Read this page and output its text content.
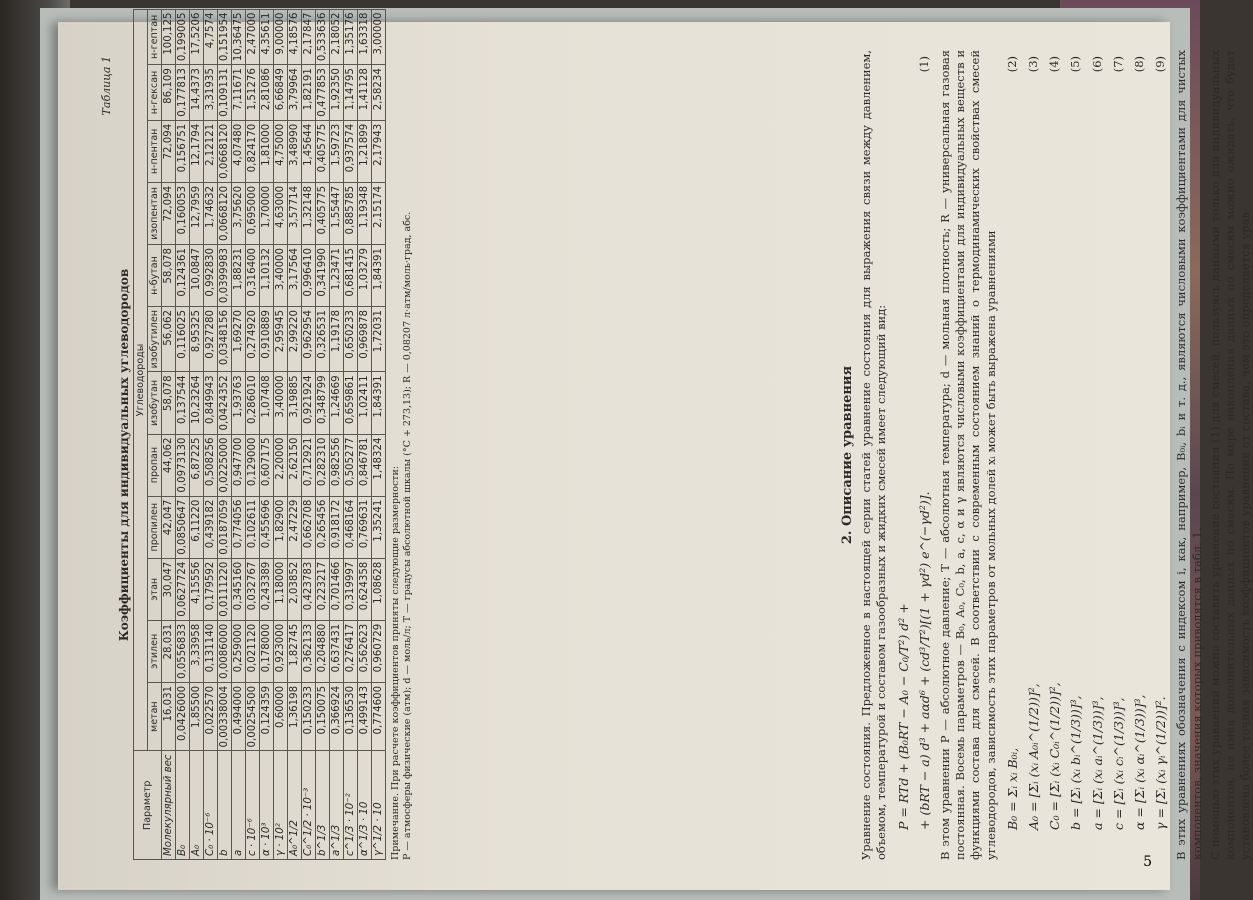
2. Описание уравнения Уравнение состояния. Предложенное в настоящей серии статей уравнение состояния для выражения связи между давлением, объемом, температурой и составом газообразных и жидких смесей имеет следующий вид: P = RTd + (B₀RT − A₀ − C₀/T²) d² + + (bRT − a) d³ + aαd⁶ + (cd³/T²)[(1 + γd²) e^(−γd²)].
(1) В этом уравнении P — абсолютное давление; T — абсолютная температура; d — мольная плотность; R — универсальная газовая постоянная. Восемь параметров — B₀, A₀, C₀, b, a, c, α и γ являются числовыми коэффициентами для индивидуальных веществ и функциями состава для смесей. В соответствии с современным состоянием знаний о термодинамических свойствах смесей углеводородов, зависимость этих параметров от мольных долей xᵢ может быть выражена уравнениями B₀ = Σᵢ xᵢ B₀ᵢ,
(2)
A₀ = [Σᵢ (xᵢ A₀ᵢ^(1/2))]²,
(3)
C₀ = [Σᵢ (xᵢ C₀ᵢ^(1/2))]²,
(4)
b = [Σᵢ (xᵢ bᵢ^(1/3))]³,
(5)
a = [Σᵢ (xᵢ aᵢ^(1/3))]³,
(6)
c = [Σᵢ (xᵢ cᵢ^(1/3))]³,
(7)
α = [Σᵢ (xᵢ αᵢ^(1/3))]³,
(8)
γ = [Σᵢ (xᵢ γᵢ^(1/2))]².
(9) В этих уравнениях обозначения с индексом i, как, например, B₀ᵢ, bᵢ и т. д., являются числовыми коэффициентами для чистых компонентов, значения которых приводятся в табл. 1. С помощью этих уравнений можно составить уравнение состояния (1) для смесей, пользуясь данными только для индивидуальных компонентов, не имея дополнительных данных по смесям. По мере накопления данных по смесям можно ожидать, что будет установлена более точная зависимость коэффициентов уравнения от состава, чем это определяется урав-

Таблица 1
Коэффициенты для индивидуальных углеводородов
Параметр	Углеводороды											
	метан	этилен	этан	пропилен	пропан	изобутан	изобутилен	н-бутан	изопентан	н-пентан	н-гексан	н-гептан
Молекулярный вес	16,031	28,031	30,047	42,047	44,062	58,078	56,062	58,078	72,094	72,094	86,109	100,125
B₀	0,0426000	0,0556833	0,0627724	0,0850647	0,0973130	0,137544	0,116025	0,124361	0,160053	0,156751	0,177813	0,199005
A₀	1,85500	3,33958	4,15556	6,11220	6,87225	10,23264	8,95325	10,0847	12,7959	12,1794	14,4373	17,5206
C₀ · 10⁻⁶	0,022570	0,131140	0,179592	0,439182	0,508256	0,849943	0,927280	0,992830	1,74632	2,12121	3,31935	4,7574
b	0,00338004	0,0086000	0,0111220	0,0187059	0,0225000	0,0424352	0,0348156	0,0399983	0,0668120	0,0668120	0,109131	0,151954
a	0,494000	0,259000	0,345160	0,774056	0,947700	1,93763	1,69270	1,88231	3,75620	4,07480	7,11671	10,36475
c · 10⁻⁶	0,00254500	0,021120	0,032767	0,102611	0,129000	0,286010	0,274920	0,316400	0,695000	0,824170	1,51276	2,47000
α · 10³	0,124359	0,178000	0,243389	0,455696	0,607175	1,07408	0,910889	1,10132	1,70000	1,81000	2,81086	4,35611
γ · 10²	0,60000	0,923000	1,18000	1,82900	2,20000	3,40000	2,95945	3,40000	4,63000	4,75000	6,66849	9,00000
A₀^1/2	1,36198	1,82745	2,03852	2,47229	2,62150	3,19885	2,99220	3,17564	3,57714	3,48990	3,79964	4,18576
C₀^1/2 · 10⁻³	0,150233	0,362133	0,423783	0,662708	0,712921	0,921924	0,962954	0,996410	1,32148	1,45644	1,82191	2,17847
b^1/3	0,150075	0,204880	0,223217	0,265456	0,282310	0,348799	0,326531	0,341990	0,405775	0,405775	0,477853	0,533636
a^1/3	0,366924	0,637431	0,701466	0,918172	0,982556	1,24669	1,19178	1,23471	1,55447	1,59723	1,92350	2,18052
c^1/3 · 10⁻²	0,136530	0,276417	0,319997	0,468164	0,505277	0,659861	0,650233	0,681415	0,885785	0,937574	1,14795	1,35176
α^1/3 · 10	0,499143	0,562623	0,624358	0,769631	0,846781	1,02411	0,969878	1,03279	1,19348	1,21899	1,41128	1,63318
γ^1/2 · 10	0,774600	0,960729	1,08628	1,35241	1,48324	1,84391	1,72031	1,84391	2,15174	2,17943	2,58234	3,00000
Примечание. При расчете коэффициентов приняты следующие размерности: P — атмосферы физические (атм); d — моль/л; T — градусы абсолютной шкалы (°С + 273,13); R — 0,08207 л·атм/моль·град, абс.
5
